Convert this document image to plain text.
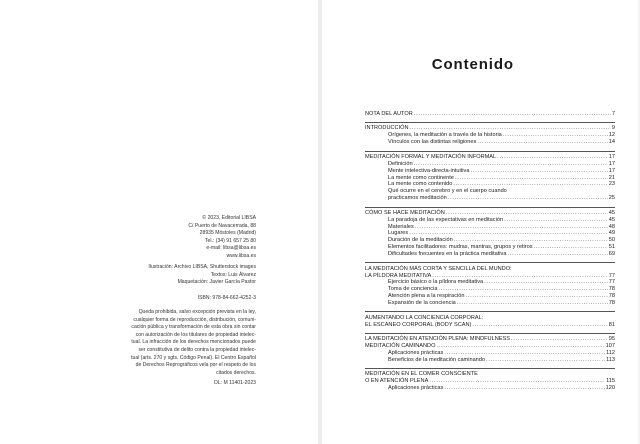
© 2023, Editorial LIBSA
C/ Puerto de Navacerrada, 88
28935 Móstoles (Madrid)
Tel.: (34) 91 657 25 80
e-mail: libsa@libsa.es
www.libsa.es
Ilustración: Archivo LIBSA, Shutterstock images
Textos: Luis Álvarez
Maquetación: Javier García Pastor
ISBN: 978-84-662-4252-3
Queda prohibida, salvo excepción prevista en la ley,
cualquier forma de reproducción, distribución, comuni-
cación pública y transformación de esta obra sin contar
con autorización de los titulares de propiedad intelec-
tual. La infracción de los derechos mencionados puede
ser constitutiva de delito contra la propiedad intelec-
tual (arts. 270 y sgts. Código Penal). El Centro Español
de Derechos Reprográficos vela por el respeto de los
citados derechos.
DL: M 11401-2023
Contenido
NOTA DEL AUTOR . . .	7
INTRODUCCIÓN . . .	9
Orígenes, la meditación a través de la historia . . .	12
Vínculos con las distintas religiones . . .	14
MEDITACIÓN FORMAL Y MEDITACIÓN INFORMAL . . .	17
Definición . . .	17
Mente intelectiva-directa-intuitiva . . .	17
La mente como continente . . .	21
La mente como contenido . . .	23
Qué ocurre en el cerebro y en el cuerpo cuando
practicamos meditación . . .	25
CÓMO SE HACE MEDITACIÓN . . .	45
La paradoja de las expectativas en meditación . . .	45
Materiales . . .	48
Lugares . . .	49
Duración de la meditación . . .	50
Elementos facilitadores: mudras, mantras, grupos y retiros . . .	51
Dificultades frecuentes en la práctica meditativa . . .	69
LA MEDITACIÓN MÁS CORTA Y SENCILLA DEL MUNDO:
LA PÍLDORA MEDITATIVA . . .	77
Ejercicio básico o la píldora meditativa . . .	77
Toma de conciencia . . .	78
Atención plena a la respiración . . .	78
Expansión de la conciencia . . .	78
AUMENTANDO LA CONCIENCIA CORPORAL:
EL ESCANEO CORPORAL (BODY SCAN) . . .	81
LA MEDITACIÓN EN ATENCIÓN PLENA: MINDFULNESS . . .	95
MEDITACIÓN CAMINANDO . . .	107
Aplicaciones prácticas . . .	112
Beneficios de la meditación caminando . . .	113
MEDITACIÓN EN EL COMER CONSCIENTE
O EN ATENCIÓN PLENA . . .	115
Aplicaciones prácticas . . .	120
